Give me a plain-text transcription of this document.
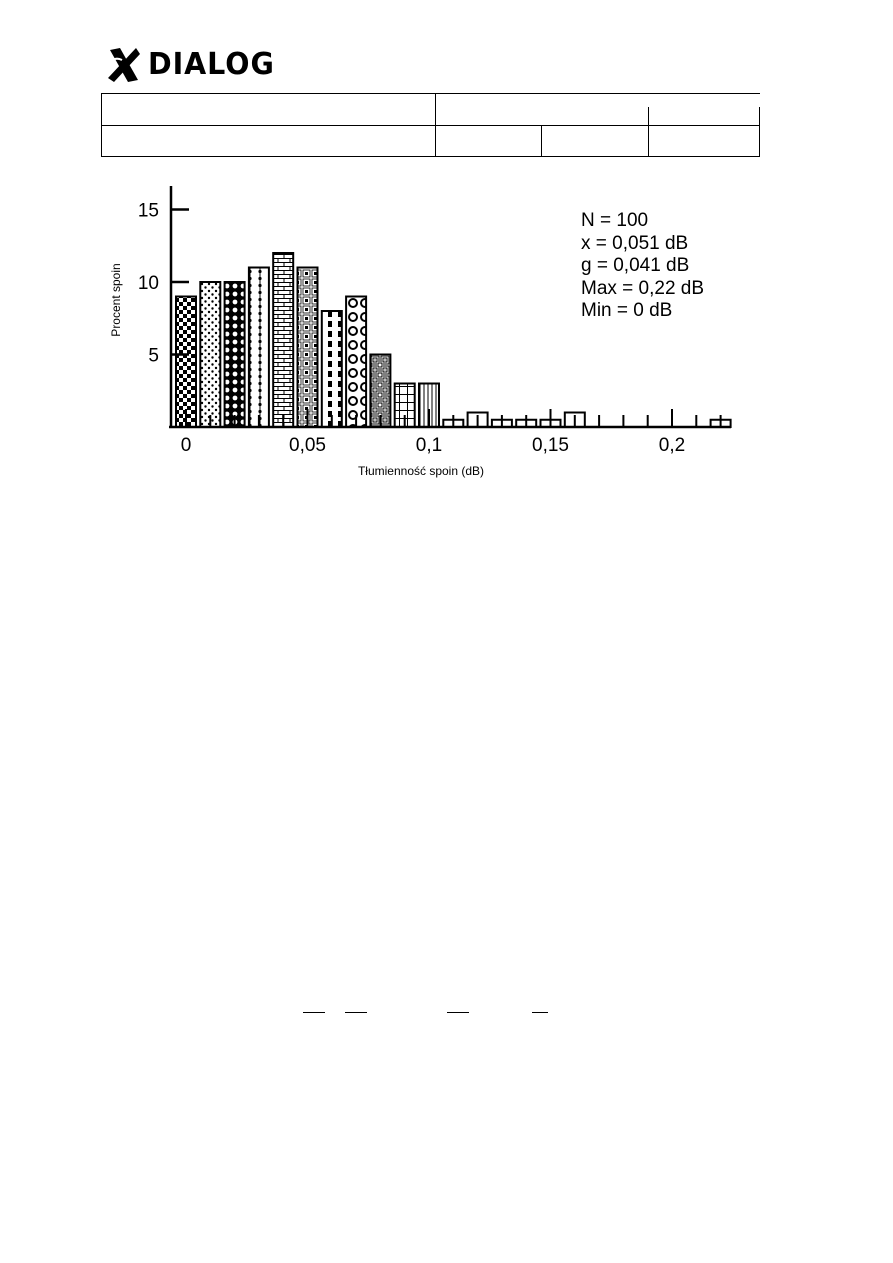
DIALOG
5
10
15
0	0,05	0,1	0,15	0,2
Tłumienność spoin (dB)
Procent spoin
N = 100
x = 0,051 dB
g = 0,041 dB
Max = 0,22 dB
Min = 0 dB
